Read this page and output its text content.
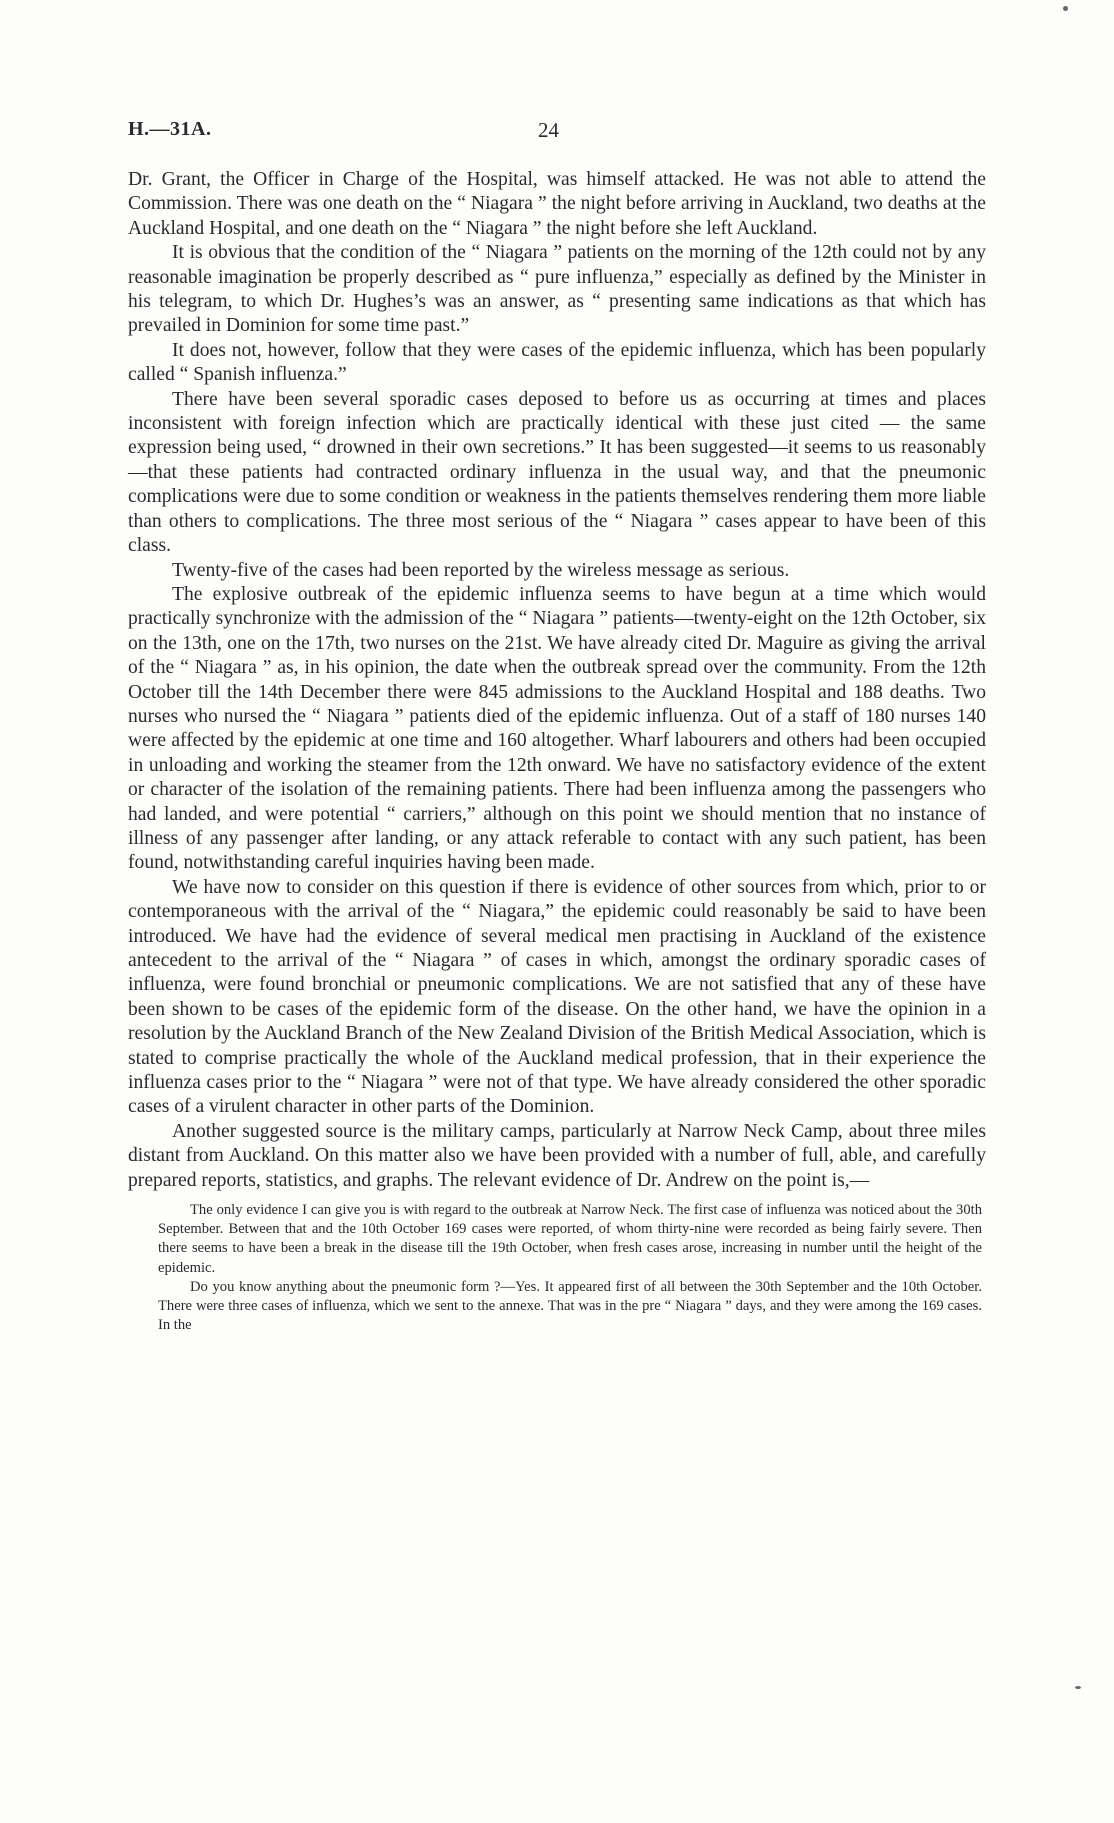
H.—31A.	24

Dr. Grant, the Officer in Charge of the Hospital, was himself attacked. He was not able to attend the Commission. There was one death on the “ Niagara ” the night before arriving in Auckland, two deaths at the Auckland Hospital, and one death on the “ Niagara ” the night before she left Auckland.

It is obvious that the condition of the “ Niagara ” patients on the morning of the 12th could not by any reasonable imagination be properly described as “ pure influenza,” especially as defined by the Minister in his telegram, to which Dr. Hughes’s was an answer, as “ presenting same indications as that which has prevailed in Dominion for some time past.”

It does not, however, follow that they were cases of the epidemic influenza, which has been popularly called “ Spanish influenza.”

There have been several sporadic cases deposed to before us as occurring at times and places inconsistent with foreign infection which are practically identical with these just cited — the same expression being used, “ drowned in their own secretions.” It has been suggested—it seems to us reasonably—that these patients had contracted ordinary influenza in the usual way, and that the pneumonic complications were due to some condition or weakness in the patients themselves rendering them more liable than others to complications. The three most serious of the “ Niagara ” cases appear to have been of this class.

Twenty-five of the cases had been reported by the wireless message as serious.

The explosive outbreak of the epidemic influenza seems to have begun at a time which would practically synchronize with the admission of the “ Niagara ” patients—twenty-eight on the 12th October, six on the 13th, one on the 17th, two nurses on the 21st. We have already cited Dr. Maguire as giving the arrival of the “ Niagara ” as, in his opinion, the date when the outbreak spread over the community. From the 12th October till the 14th December there were 845 admissions to the Auckland Hospital and 188 deaths. Two nurses who nursed the “ Niagara ” patients died of the epidemic influenza. Out of a staff of 180 nurses 140 were affected by the epidemic at one time and 160 altogether. Wharf labourers and others had been occupied in unloading and working the steamer from the 12th onward. We have no satisfactory evidence of the extent or character of the isolation of the remaining patients. There had been influenza among the passengers who had landed, and were potential “ carriers,” although on this point we should mention that no instance of illness of any passenger after landing, or any attack referable to contact with any such patient, has been found, notwithstanding careful inquiries having been made.

We have now to consider on this question if there is evidence of other sources from which, prior to or contemporaneous with the arrival of the “ Niagara,” the epidemic could reasonably be said to have been introduced. We have had the evidence of several medical men practising in Auckland of the existence antecedent to the arrival of the “ Niagara ” of cases in which, amongst the ordinary sporadic cases of influenza, were found bronchial or pneumonic complications. We are not satisfied that any of these have been shown to be cases of the epidemic form of the disease. On the other hand, we have the opinion in a resolution by the Auckland Branch of the New Zealand Division of the British Medical Association, which is stated to comprise practically the whole of the Auckland medical profession, that in their experience the influenza cases prior to the “ Niagara ” were not of that type. We have already considered the other sporadic cases of a virulent character in other parts of the Dominion.

Another suggested source is the military camps, particularly at Narrow Neck Camp, about three miles distant from Auckland. On this matter also we have been provided with a number of full, able, and carefully prepared reports, statistics, and graphs. The relevant evidence of Dr. Andrew on the point is,—

The only evidence I can give you is with regard to the outbreak at Narrow Neck. The first case of influenza was noticed about the 30th September. Between that and the 10th October 169 cases were reported, of whom thirty-nine were recorded as being fairly severe. Then there seems to have been a break in the disease till the 19th October, when fresh cases arose, increasing in number until the height of the epidemic.

Do you know anything about the pneumonic form ?—Yes. It appeared first of all between the 30th September and the 10th October. There were three cases of influenza, which we sent to the annexe. That was in the pre “ Niagara ” days, and they were among the 169 cases. In the
